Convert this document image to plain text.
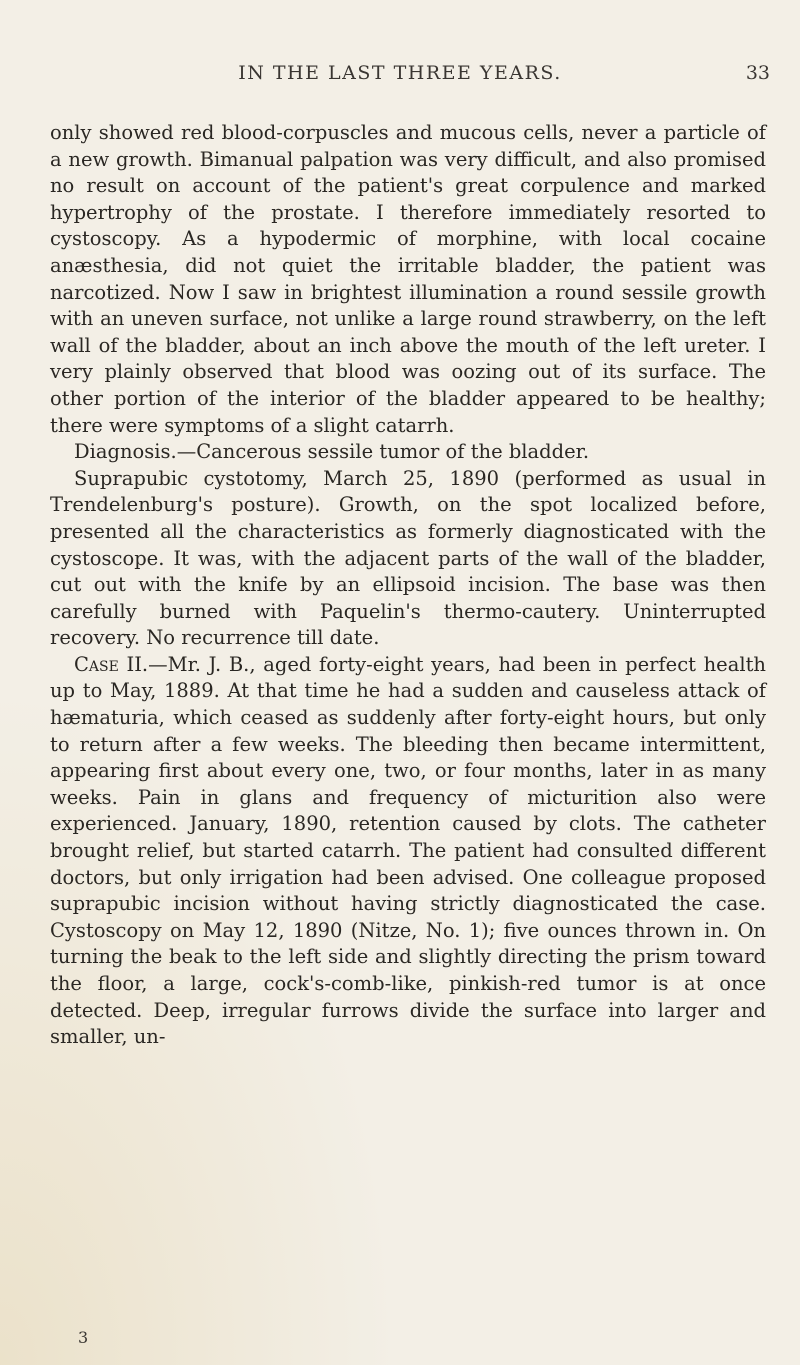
IN THE LAST THREE YEARS.	33

only showed red blood-corpuscles and mucous cells, never a particle of a new growth. Bimanual palpation was very difficult, and also promised no result on account of the patient's great corpulence and marked hypertrophy of the prostate. I therefore immediately resorted to cystoscopy. As a hypodermic of morphine, with local cocaine anæsthesia, did not quiet the irritable bladder, the patient was narcotized. Now I saw in brightest illumination a round sessile growth with an uneven surface, not unlike a large round strawberry, on the left wall of the bladder, about an inch above the mouth of the left ureter. I very plainly observed that blood was oozing out of its surface. The other portion of the interior of the bladder appeared to be healthy; there were symptoms of a slight catarrh.

Diagnosis.—Cancerous sessile tumor of the bladder.

Suprapubic cystotomy, March 25, 1890 (performed as usual in Trendelenburg's posture). Growth, on the spot localized before, presented all the characteristics as formerly diagnosticated with the cystoscope. It was, with the adjacent parts of the wall of the bladder, cut out with the knife by an ellipsoid incision. The base was then carefully burned with Paquelin's thermo-cautery. Uninterrupted recovery. No recurrence till date.

Case II.—Mr. J. B., aged forty-eight years, had been in perfect health up to May, 1889. At that time he had a sudden and causeless attack of hæmaturia, which ceased as suddenly after forty-eight hours, but only to return after a few weeks. The bleeding then became intermittent, appearing first about every one, two, or four months, later in as many weeks. Pain in glans and frequency of micturition also were experienced. January, 1890, retention caused by clots. The catheter brought relief, but started catarrh. The patient had consulted different doctors, but only irrigation had been advised. One colleague proposed suprapubic incision without having strictly diagnosticated the case. Cystoscopy on May 12, 1890 (Nitze, No. 1); five ounces thrown in. On turning the beak to the left side and slightly directing the prism toward the floor, a large, cock's-comb-like, pinkish-red tumor is at once detected. Deep, irregular furrows divide the surface into larger and smaller, un-

3
